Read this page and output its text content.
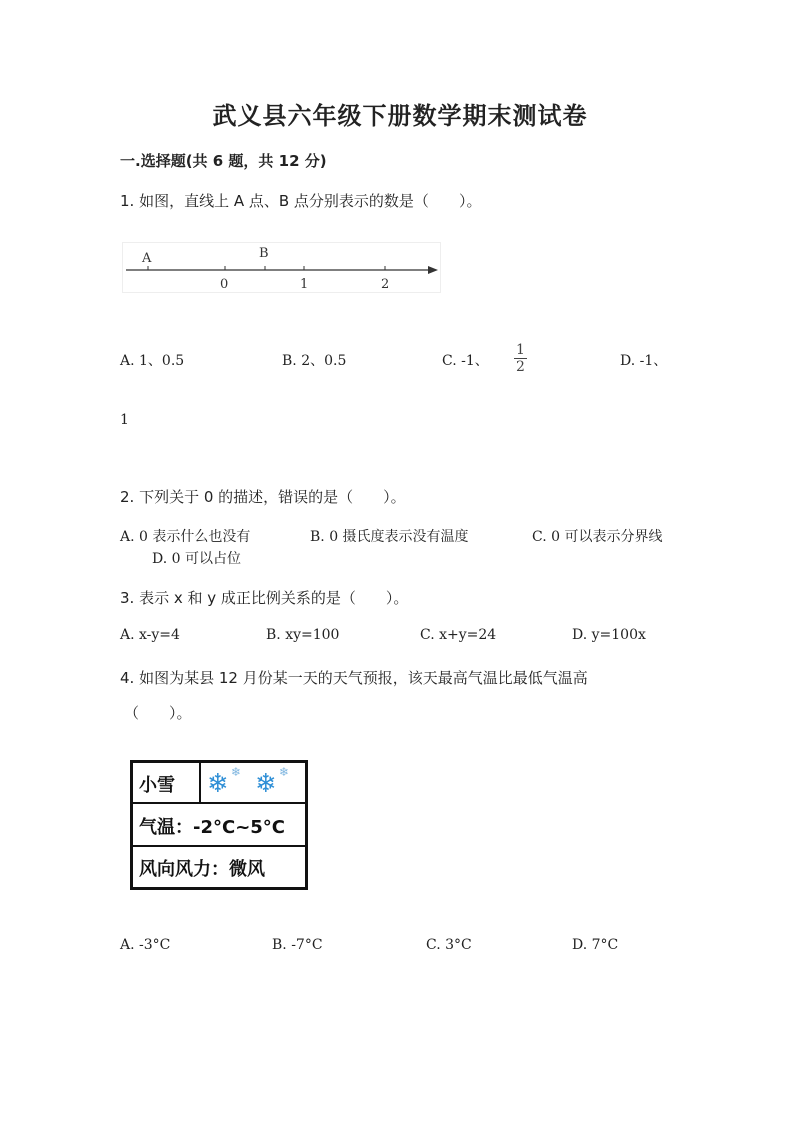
武义县六年级下册数学期末测试卷
一.选择题(共 6 题，共 12 分)
1. 如图，直线上 A 点、B 点分别表示的数是（　　）。
A	B
0	1	2
A. 1、0.5	B. 2、0.5	C. -1、 $\frac{1}{2}$	D. -1、
1
2. 下列关于 0 的描述，错误的是（　　）。
A. 0 表示什么也没有	B. 0 摄氏度表示没有温度	C. 0 可以表示分界线
D. 0 可以占位
3. 表示 x 和 y 成正比例关系的是（　　）。
A. x-y=4	B. xy=100	C. x+y=24	D. y=100x
4. 如图为某县 12 月份某一天的天气预报，该天最高气温比最低气温高
（　　）。
小雪 ❄ ❄ ❄ ❄
气温：-2°C~5°C
风向风力：微风
A. -3°C	B. -7°C	C. 3°C	D. 7°C
